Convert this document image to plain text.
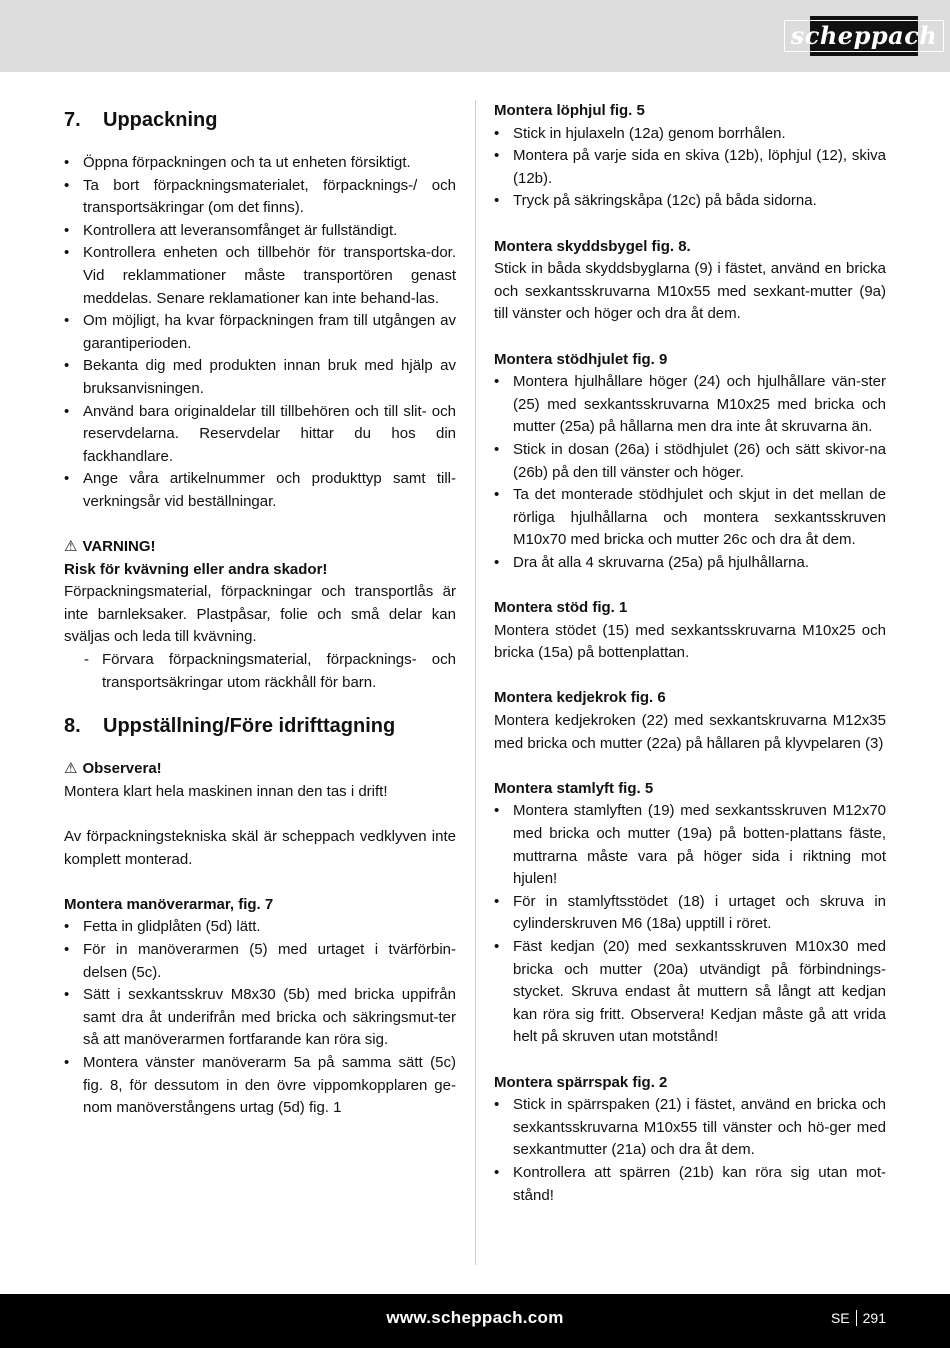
scheppach
7.	Uppackning
• Öppna förpackningen och ta ut enheten försiktigt.
• Ta bort förpackningsmaterialet, förpacknings-/ och transportsäkringar (om det finns).
• Kontrollera att leveransomfånget är fullständigt.
• Kontrollera enheten och tillbehör för transportska-dor. Vid reklammationer måste transportören genast meddelas. Senare reklamationer kan inte behand-las.
• Om möjligt, ha kvar förpackningen fram till utgången av garantiperioden.
• Bekanta dig med produkten innan bruk med hjälp av bruksanvisningen.
• Använd bara originaldelar till tillbehören och till slit- och reservdelarna. Reservdelar hittar du hos din fackhandlare.
• Ange våra artikelnummer och produkttyp samt till-verkningsår vid beställningar.

⚠ VARNING!

Risk för kvävning eller andra skador!

Förpackningsmaterial, förpackningar och transportlås är inte barnleksaker. Plastpåsar, folie och små delar kan sväljas och leda till kvävning.

- Förvara förpackningsmaterial, förpacknings- och transportsäkringar utom räckhåll för barn.
8.	Uppställning/Före idrifttagning

⚠ Observera!

Montera klart hela maskinen innan den tas i drift!

Av förpackningstekniska skäl är scheppach vedklyven inte komplett monterad.

Montera manöverarmar, fig. 7

• Fetta in glidplåten (5d) lätt.
• För in manöverarmen (5) med urtaget i tvärförbin-delsen (5c).
• Sätt i sexkantsskruv M8x30 (5b) med bricka uppifrån samt dra åt underifrån med bricka och säkringsmut-ter så att manöverarmen fortfarande kan röra sig.
• Montera vänster manöverarm 5a på samma sätt (5c) fig. 8, för dessutom in den övre vippomkopplaren ge-nom manöverstångens urtag (5d) fig. 1

Montera löphjul fig. 5

• Stick in hjulaxeln (12a) genom borrhålen.
• Montera på varje sida en skiva (12b), löphjul (12), skiva (12b).
• Tryck på säkringskåpa (12c) på båda sidorna.

Montera skyddsbygel fig. 8.

Stick in båda skyddsbyglarna (9) i fästet, använd en bricka och sexkantsskruvarna M10x55 med sexkant-mutter (9a) till vänster och höger och dra åt dem.

Montera stödhjulet fig. 9

• Montera hjulhållare höger (24) och hjulhållare vän-ster (25) med sexkantsskruvarna M10x25 med bricka och mutter (25a) på hållarna men dra inte åt skruvarna än.
• Stick in dosan (26a) i stödhjulet (26) och sätt skivor-na (26b) på den till vänster och höger.
• Ta det monterade stödhjulet och skjut in det mellan de rörliga hjulhållarna och montera sexkantsskruven M10x70 med bricka och mutter 26c och dra åt dem.
• Dra åt alla 4 skruvarna (25a) på hjulhållarna.

Montera stöd fig. 1

Montera stödet (15) med sexkantsskruvarna M10x25 och bricka (15a) på bottenplattan.

Montera kedjekrok fig. 6

Montera kedjekroken (22) med sexkantskruvarna M12x35 med bricka och mutter (22a) på hållaren på klyvpelaren (3)

Montera stamlyft fig. 5

• Montera stamlyften (19) med sexkantsskruven M12x70 med bricka och mutter (19a) på botten-plattans fäste, muttrarna måste vara på höger sida i riktning mot hjulen!
• För in stamlyftsstödet (18) i urtaget och skruva in cylinderskruven M6 (18a) upptill i röret.
• Fäst kedjan (20) med sexkantsskruven M10x30 med bricka och mutter (20a) utvändigt på förbindnings-stycket. Skruva endast åt muttern så långt att kedjan kan röra sig fritt. Observera! Kedjan måste gå att vrida helt på skruven utan motstånd!

Montera spärrspak fig. 2

• Stick in spärrspaken (21) i fästet, använd en bricka och sexkantsskruvarna M10x55 till vänster och hö-ger med sexkantmutter (21a) och dra åt dem.
• Kontrollera att spärren (21b) kan röra sig utan mot-stånd!
www.scheppach.com	SE 291
